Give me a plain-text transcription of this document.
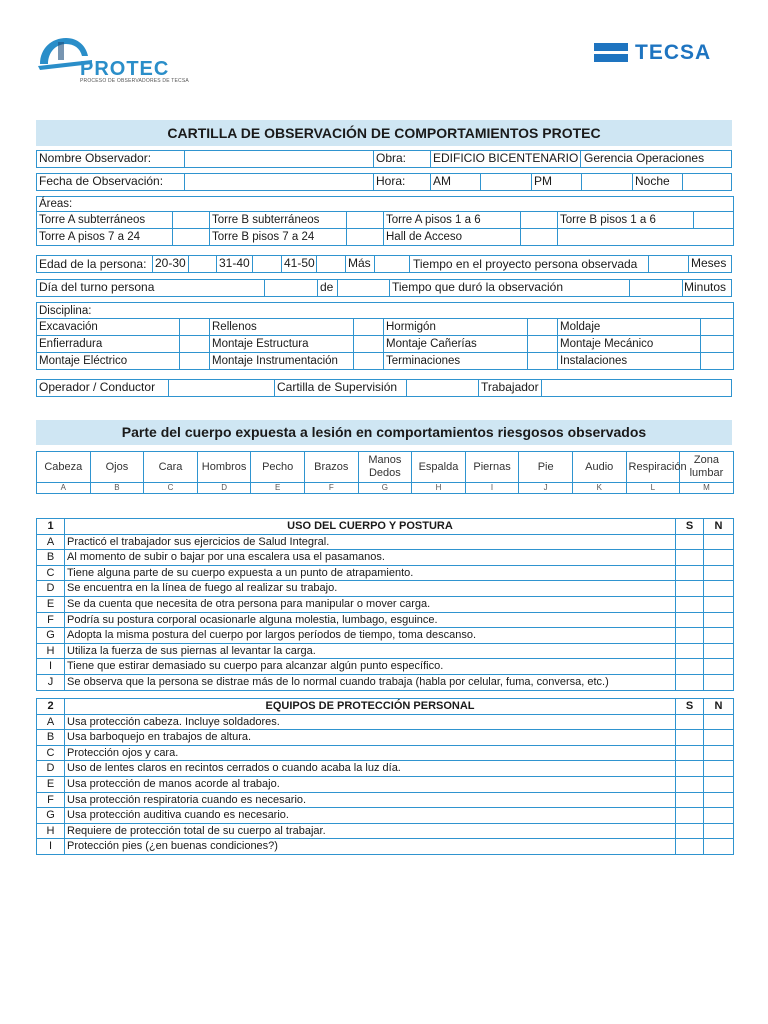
PROTEC
PROCESO DE OBSERVADORES DE TECSA
TECSA
CARTILLA DE OBSERVACIÓN DE COMPORTAMIENTOS PROTEC
Nombre Observador:	Obra: EDIFICIO BICENTENARIO Gerencia Operaciones
Fecha de Observación:	Hora: AM	PM	Noche
Áreas:							
Torre A subterráneos		Torre B subterráneos		Torre A pisos 1 a 6		Torre B pisos 1 a 6	
Torre A pisos 7 a 24		Torre B pisos 7 a 24		Hall de Acceso			
Edad de la persona: 20-30	31-40	41-50	Más	Tiempo en el proyecto persona observada	Meses
Día del turno persona	de	Tiempo que duró la observación	Minutos
Disciplina:							
Excavación		Rellenos		Hormigón		Moldaje	
Enfierradura		Montaje Estructura		Montaje Cañerías		Montaje Mecánico	
Montaje Eléctrico		Montaje Instrumentación		Terminaciones		Instalaciones	
Operador / Conductor	Cartilla de Supervisión	Trabajador
Parte del cuerpo expuesta a lesión en comportamientos riesgosos observados
Cabeza	Ojos	Cara	Hombros	Pecho	Brazos	Manos Dedos	Espalda	Piernas	Pie	Audio	Respiración	Zona lumbar
A	B	C	D	E	F	G	H	I	J	K	L	M
1	USO DEL CUERPO Y POSTURA	S	N
A	Practicó el trabajador sus ejercicios de Salud Integral.		
B	Al momento de subir o bajar por una escalera usa el pasamanos.		
C	Tiene alguna parte de su cuerpo expuesta a un punto de atrapamiento.		
D	Se encuentra en la línea de fuego al realizar su trabajo.		
E	Se da cuenta que necesita de otra persona para manipular o mover carga.		
F	Podría su postura corporal ocasionarle alguna molestia, lumbago, esguince.		
G	Adopta la misma postura del cuerpo por largos períodos de tiempo, toma descanso.		
H	Utiliza la fuerza de sus piernas al levantar la carga.		
I	Tiene que estirar demasiado su cuerpo para alcanzar algún punto específico.		
J	Se observa que la persona se distrae más de lo normal cuando trabaja (habla por celular, fuma, conversa, etc.)		
2	EQUIPOS DE PROTECCIÓN PERSONAL	S	N
A	Usa protección cabeza. Incluye soldadores.		
B	Usa barboquejo en trabajos de altura.		
C	Protección ojos y cara.		
D	Uso de lentes claros en recintos cerrados o cuando acaba la luz día.		
E	Usa protección de manos acorde al trabajo.		
F	Usa protección respiratoria cuando es necesario.		
G	Usa protección auditiva cuando es necesario.		
H	Requiere de protección total de su cuerpo al trabajar.		
I	Protección pies (¿en buenas condiciones?)		
